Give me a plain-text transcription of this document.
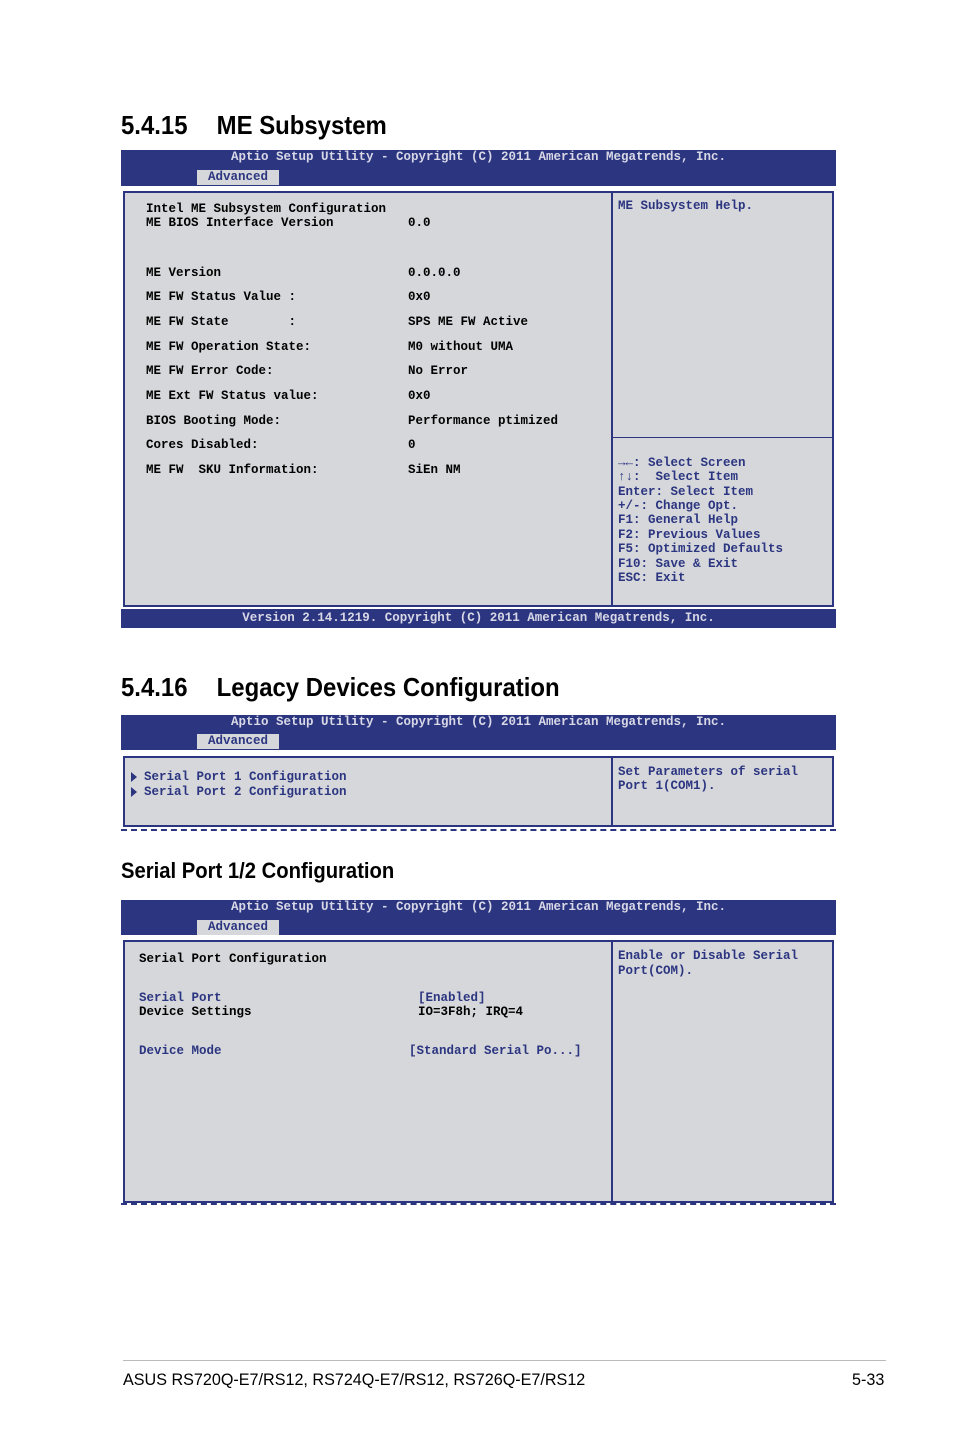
5.4.15 ME Subsystem
Aptio Setup Utility - Copyright (C) 2011 American Megatrends, Inc.
Advanced
Intel ME Subsystem Configuration
ME BIOS Interface Version	0.0
ME Version	0.0.0.0
ME FW Status Value :	0x0
ME FW State        :	SPS ME FW Active
ME FW Operation State:	M0 without UMA
ME FW Error Code:	No Error
ME Ext FW Status value:	0x0
BIOS Booting Mode:	Performance ptimized
Cores Disabled:	0
ME FW  SKU Information:	SiEn NM
ME Subsystem Help.
→←: Select Screen
↑↓:  Select Item
Enter: Select Item
+/-: Change Opt.
F1: General Help
F2: Previous Values
F5: Optimized Defaults
F10: Save & Exit
ESC: Exit
Version 2.14.1219. Copyright (C) 2011 American Megatrends, Inc.
5.4.16 Legacy Devices Configuration
Aptio Setup Utility - Copyright (C) 2011 American Megatrends, Inc.
Advanced
Serial Port 1 Configuration
Serial Port 2 Configuration
Set Parameters of serial
Port 1(COM1).
Serial Port 1/2 Configuration
Aptio Setup Utility - Copyright (C) 2011 American Megatrends, Inc.
Advanced
Serial Port Configuration
Serial Port	[Enabled]
Device Settings	IO=3F8h; IRQ=4
Device Mode	[Standard Serial Po...]
Enable or Disable Serial
Port(COM).
ASUS RS720Q-E7/RS12, RS724Q-E7/RS12, RS726Q-E7/RS12	5-33
